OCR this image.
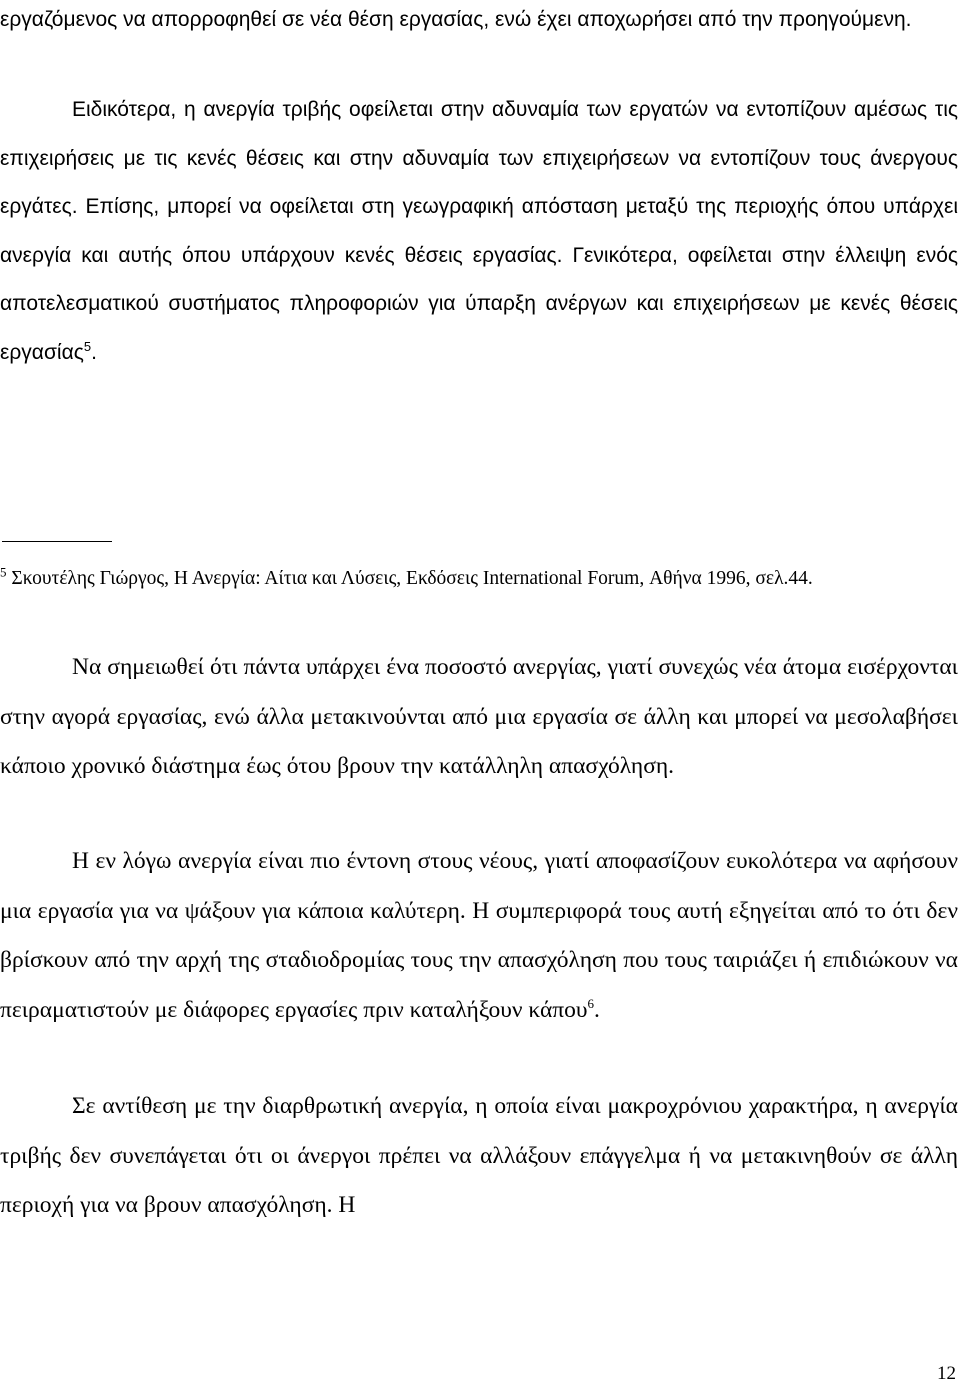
εργαζόμενος να απορροφηθεί σε νέα θέση εργασίας, ενώ έχει αποχωρήσει από την προηγούμενη.

Ειδικότερα, η ανεργία τριβής οφείλεται στην αδυναμία των εργατών να εντοπίζουν αμέσως τις επιχειρήσεις με τις κενές θέσεις και στην αδυναμία των επιχειρήσεων να εντοπίζουν τους άνεργους εργάτες. Επίσης, μπορεί να οφείλεται στη γεωγραφική απόσταση μεταξύ της περιοχής όπου υπάρχει ανεργία και αυτής όπου υπάρχουν κενές θέσεις εργασίας. Γενικότερα, οφείλεται στην έλλειψη ενός αποτελεσματικού συστήματος πληροφοριών για ύπαρξη ανέργων και επιχειρήσεων με κενές θέσεις εργασίας$^5$.

$^5$ Σκουτέλης Γιώργος, Η Ανεργία: Αίτια και Λύσεις, Εκδόσεις International Forum, Αθήνα 1996, σελ.44.

Να σημειωθεί ότι πάντα υπάρχει ένα ποσοστό ανεργίας, γιατί συνεχώς νέα άτομα εισέρχονται στην αγορά εργασίας, ενώ άλλα μετακινούνται από μια εργασία σε άλλη και μπορεί να μεσολαβήσει κάποιο χρονικό διάστημα έως ότου βρουν την κατάλληλη απασχόληση.

Η εν λόγω ανεργία είναι πιο έντονη στους νέους, γιατί αποφασίζουν ευκολότερα να αφήσουν μια εργασία για να ψάξουν για κάποια καλύτερη. Η συμπεριφορά τους αυτή εξηγείται από το ότι δεν βρίσκουν από την αρχή της σταδιοδρομίας τους την απασχόληση που τους ταιριάζει ή επιδιώκουν να πειραματιστούν με διάφορες εργασίες πριν καταλήξουν κάπου$^6$.

Σε αντίθεση με την διαρθρωτική ανεργία, η οποία είναι μακροχρόνιου χαρακτήρα, η ανεργία τριβής δεν συνεπάγεται ότι οι άνεργοι πρέπει να αλλάξουν επάγγελμα ή να μετακινηθούν σε άλλη περιοχή για να βρουν απασχόληση. Η

12
